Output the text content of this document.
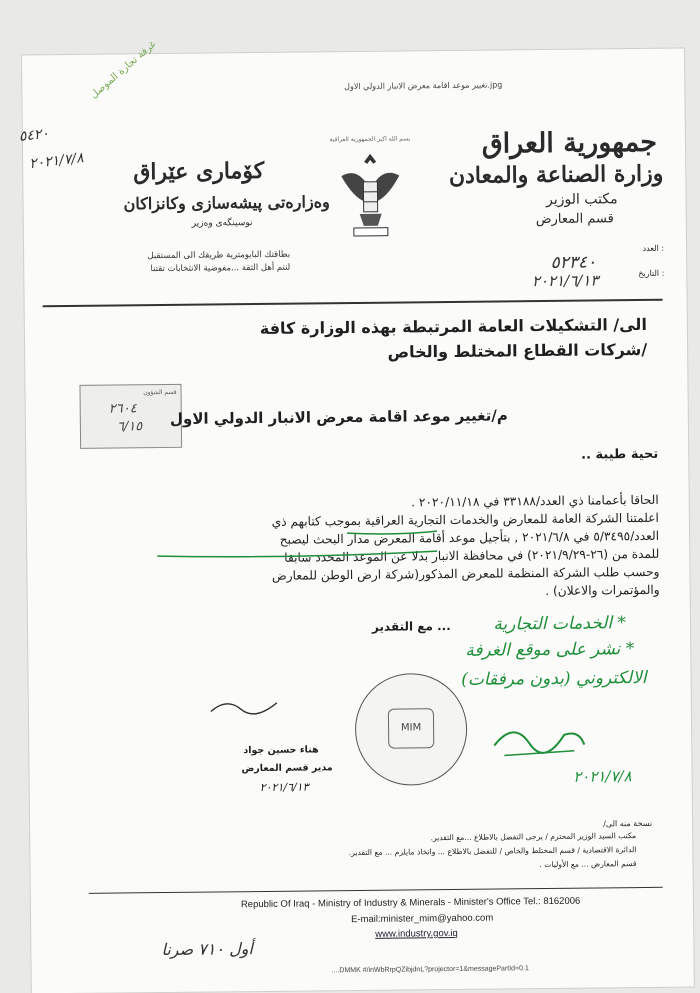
jpg.تغيير موعد اقامة معرض الانبار الدولي الاول
غرفة تجارة الموصل
٥٤٢٠
٢٠٢١/٧/٨
جمهورية العراق
وزارة الصناعة والمعادن
مكتب الوزير
قسم المعارض
بسم الله اكبر الجمهورية العراقية
كۆماری عێراق
وەزارەتی پیشەسازی وکانزاکان
نوسینگەی وەزیر
بطاقتك البايومترية طريقك الى المستقبل
لنتم أهل الثقة ...مفوضية الانتخابات تقتنا
العدد :
٥٢٣٤٠
التاريخ :
٢٠٢١/٦/١٣
الى/ التشكيلات العامة المرتبطة بهذه الوزارة كافة
/شركات القطاع المختلط والخاص
قسم الشؤون
٢٦٠٤
٦/١٥ م/تغيير موعد اقامة معرض الانبار الدولي الاول
تحية طيبة ..
الحاقا بأعمامنا ذي العدد/٣٣١٨٨ في ٢٠٢٠/١١/١٨ .
اعلمتنا الشركة العامة للمعارض والخدمات التجارية العراقية بموجب كتابهم ذي
العدد/٥/٣٤٩٥ في ٢٠٢١/٦/٨ , بتأجيل موعد أقامة المعرض مدار البحث ليصبح
للمدة من (٢٦-٢٠٢١/٩/٢٩) في محافظة الانبار بدلا عن الموعد المحدد سابقا
وحسب طلب الشركة المنظمة للمعرض المذكور(شركة ارض الوطن للمعارض
والمؤتمرات والاعلان) .
... مع التقدير * الخدمات التجارية
* نشر على موقع الغرفة
الالكتروني (بدون مرفقات)
٢٠٢١/٧/٨
MIM
هناء حسين جواد
مدير قسم المعارض
٢٠٢١/٦/١٣
نسخة منه الى/
مكتب السيد الوزير المحترم / يرجى التفضل بالاطلاع ...مع التقدير.
الدائرة الاقتصادية / قسم المختلط والخاص / للتفضل بالاطلاع ... واتخاذ مايلزم ... مع التقدير.
قسم المعارض ... مع الأوليات .
Republic Of Iraq - Ministry of Industry & Minerals - Minister's Office Tel.: 8162006
E-mail:minister_mim@yahoo.com
www.industry.gov.iq
أول ٧١٠ صرنا
....DMMK #/inWbRrpQZibjdnL?projector=1&messagePartId=0.1
